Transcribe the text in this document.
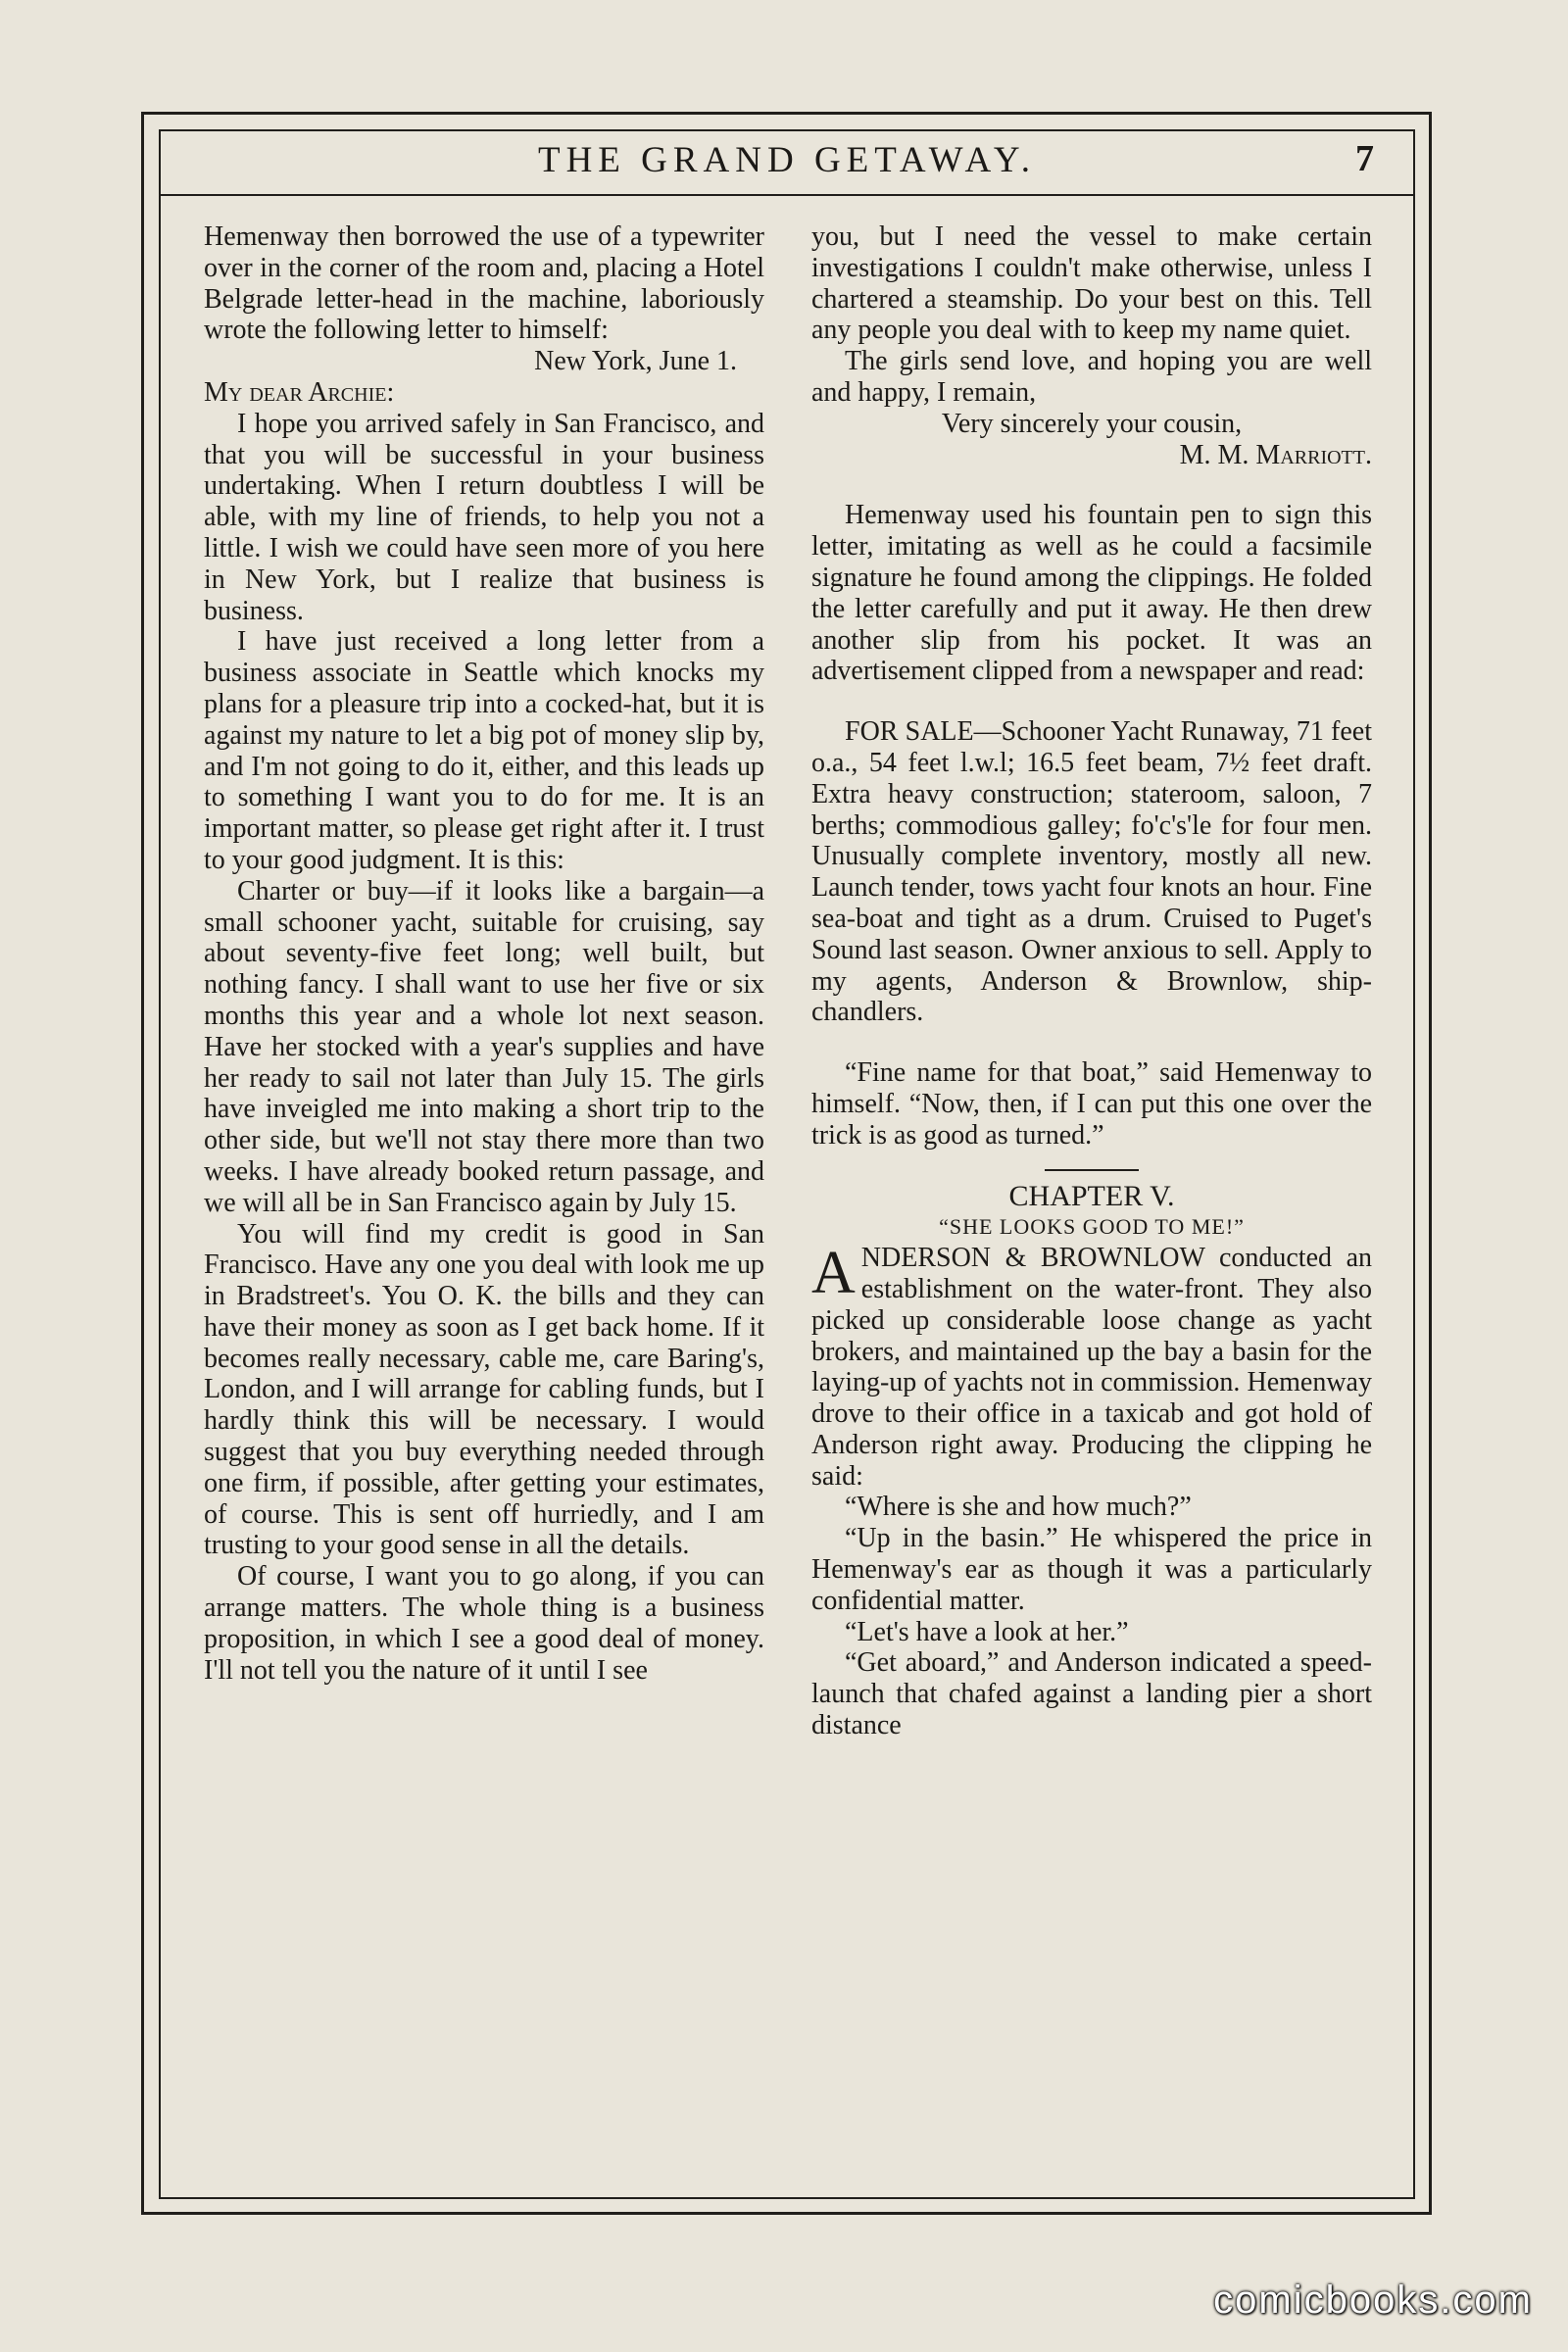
THE GRAND GETAWAY.	7

Hemenway then borrowed the use of a typewriter over in the corner of the room and, placing a Hotel Belgrade letter-head in the machine, laboriously wrote the following letter to himself:

New York, June 1.

My dear Archie:

I hope you arrived safely in San Francisco, and that you will be successful in your business undertaking. When I return doubtless I will be able, with my line of friends, to help you not a little. I wish we could have seen more of you here in New York, but I realize that business is business.

I have just received a long letter from a business associate in Seattle which knocks my plans for a pleasure trip into a cocked-hat, but it is against my nature to let a big pot of money slip by, and I'm not going to do it, either, and this leads up to something I want you to do for me. It is an important matter, so please get right after it. I trust to your good judgment. It is this:

Charter or buy—if it looks like a bargain—a small schooner yacht, suitable for cruising, say about seventy-five feet long; well built, but nothing fancy. I shall want to use her five or six months this year and a whole lot next season. Have her stocked with a year's supplies and have her ready to sail not later than July 15. The girls have inveigled me into making a short trip to the other side, but we'll not stay there more than two weeks. I have already booked return passage, and we will all be in San Francisco again by July 15.

You will find my credit is good in San Francisco. Have any one you deal with look me up in Bradstreet's. You O. K. the bills and they can have their money as soon as I get back home. If it becomes really necessary, cable me, care Baring's, London, and I will arrange for cabling funds, but I hardly think this will be necessary. I would suggest that you buy everything needed through one firm, if possible, after getting your estimates, of course. This is sent off hurriedly, and I am trusting to your good sense in all the details.

Of course, I want you to go along, if you can arrange matters. The whole thing is a business proposition, in which I see a good deal of money. I'll not tell you the nature of it until I see

you, but I need the vessel to make certain investigations I couldn't make otherwise, unless I chartered a steamship. Do your best on this. Tell any people you deal with to keep my name quiet.

The girls send love, and hoping you are well and happy, I remain,

Very sincerely your cousin,

M. M. Marriott.

Hemenway used his fountain pen to sign this letter, imitating as well as he could a facsimile signature he found among the clippings. He folded the letter carefully and put it away. He then drew another slip from his pocket. It was an advertisement clipped from a newspaper and read:

FOR SALE—Schooner Yacht Runaway, 71 feet o.a., 54 feet l.w.l; 16.5 feet beam, 7½ feet draft. Extra heavy construction; stateroom, saloon, 7 berths; commodious galley; fo'c's'le for four men. Unusually complete inventory, mostly all new. Launch tender, tows yacht four knots an hour. Fine sea-boat and tight as a drum. Cruised to Puget's Sound last season. Owner anxious to sell. Apply to my agents, Anderson & Brownlow, ship-chandlers.

“Fine name for that boat,” said Hemenway to himself. “Now, then, if I can put this one over the trick is as good as turned.”

CHAPTER V.

“SHE LOOKS GOOD TO ME!”

ANDERSON & BROWNLOW conducted an establishment on the water-front. They also picked up considerable loose change as yacht brokers, and maintained up the bay a basin for the laying-up of yachts not in commission. Hemenway drove to their office in a taxicab and got hold of Anderson right away. Producing the clipping he said:

“Where is she and how much?”

“Up in the basin.” He whispered the price in Hemenway's ear as though it was a particularly confidential matter.

“Let's have a look at her.”

“Get aboard,” and Anderson indicated a speed-launch that chafed against a landing pier a short distance

comicbooks.com
